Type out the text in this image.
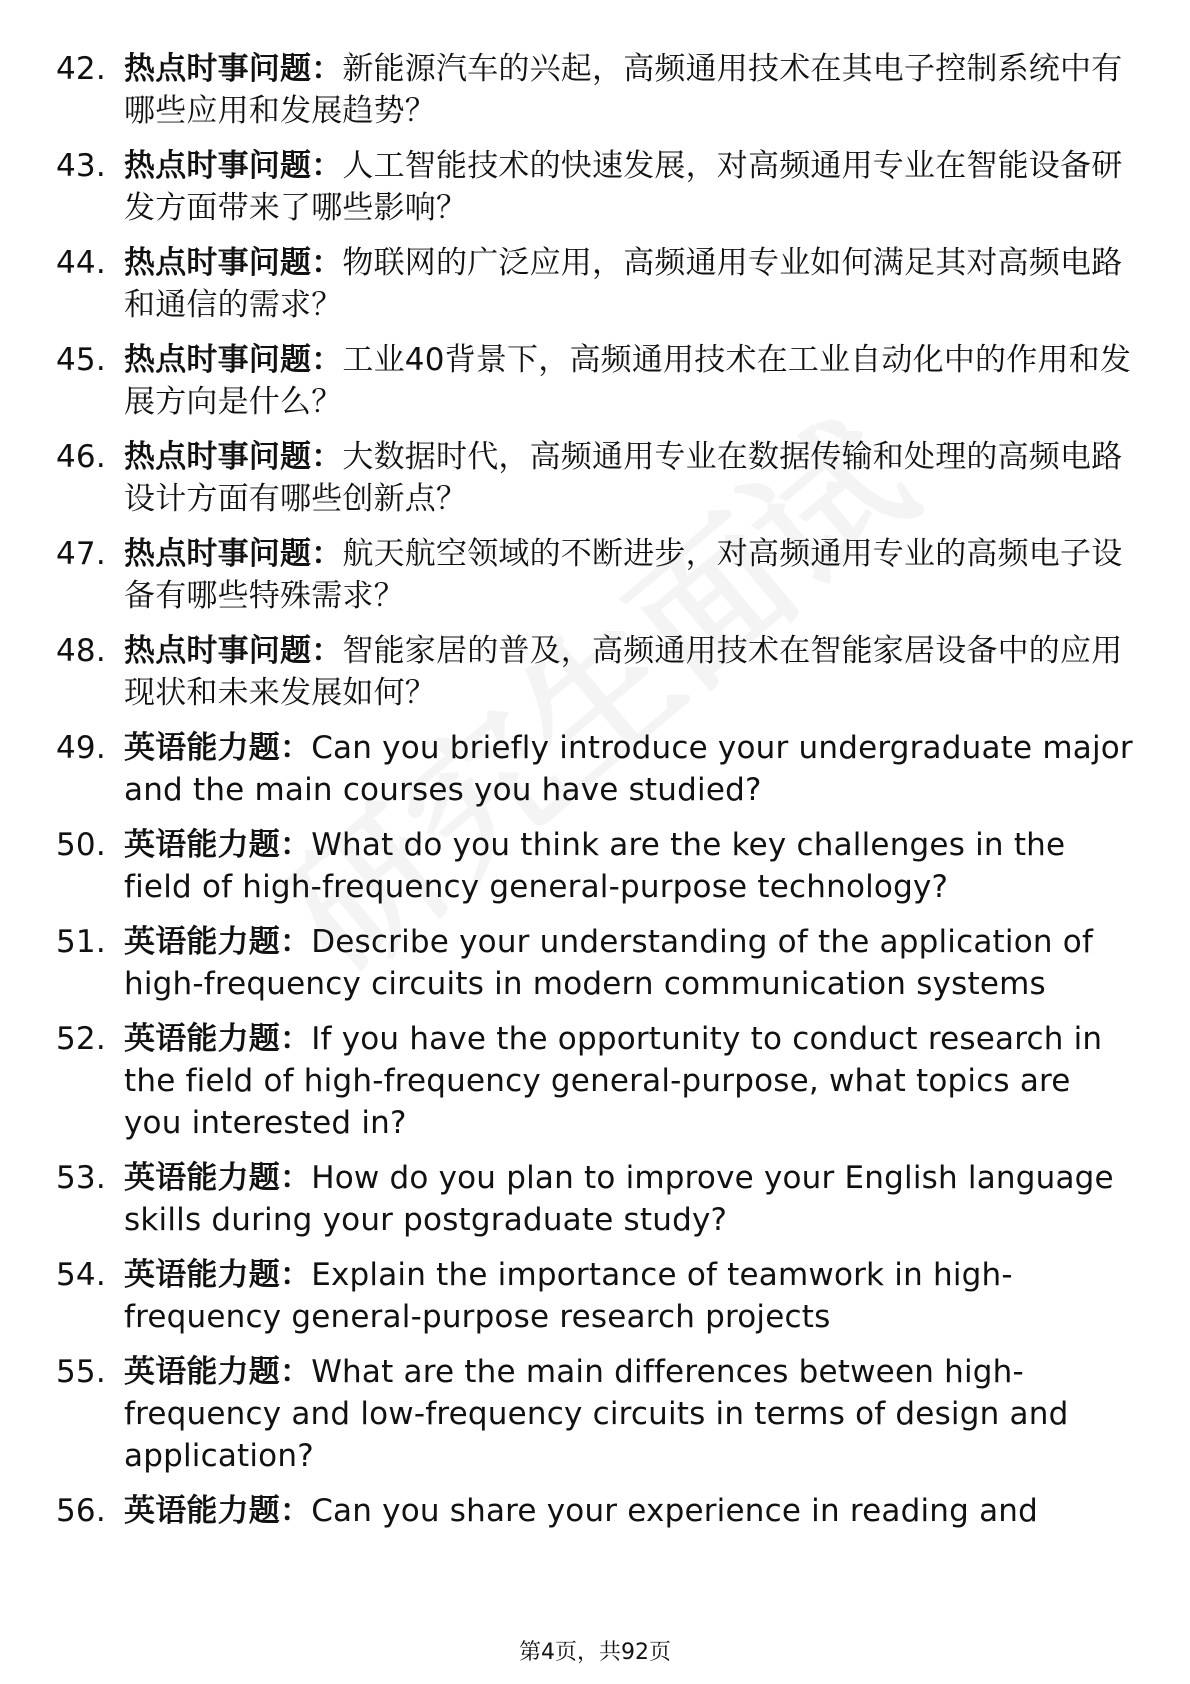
42. 热点时事问题：新能源汽车的兴起，高频通用技术在其电子控制系统中有哪些应用和发展趋势？
43. 热点时事问题：人工智能技术的快速发展，对高频通用专业在智能设备研发方面带来了哪些影响？
44. 热点时事问题：物联网的广泛应用，高频通用专业如何满足其对高频电路和通信的需求？
45. 热点时事问题：工业40背景下，高频通用技术在工业自动化中的作用和发展方向是什么？
46. 热点时事问题：大数据时代，高频通用专业在数据传输和处理的高频电路设计方面有哪些创新点？
47. 热点时事问题：航天航空领域的不断进步，对高频通用专业的高频电子设备有哪些特殊需求？
48. 热点时事问题：智能家居的普及，高频通用技术在智能家居设备中的应用现状和未来发展如何？
49. 英语能力题：Can you briefly introduce your undergraduate major and the main courses you have studied?
50. 英语能力题：What do you think are the key challenges in the field of high-frequency general-purpose technology?
51. 英语能力题：Describe your understanding of the application of high-frequency circuits in modern communication systems
52. 英语能力题：If you have the opportunity to conduct research in the field of high-frequency general-purpose, what topics are you interested in?
53. 英语能力题：How do you plan to improve your English language skills during your postgraduate study?
54. 英语能力题：Explain the importance of teamwork in high-frequency general-purpose research projects
55. 英语能力题：What are the main differences between high-frequency and low-frequency circuits in terms of design and application?
56. 英语能力题：Can you share your experience in reading and
第4页，共92页
